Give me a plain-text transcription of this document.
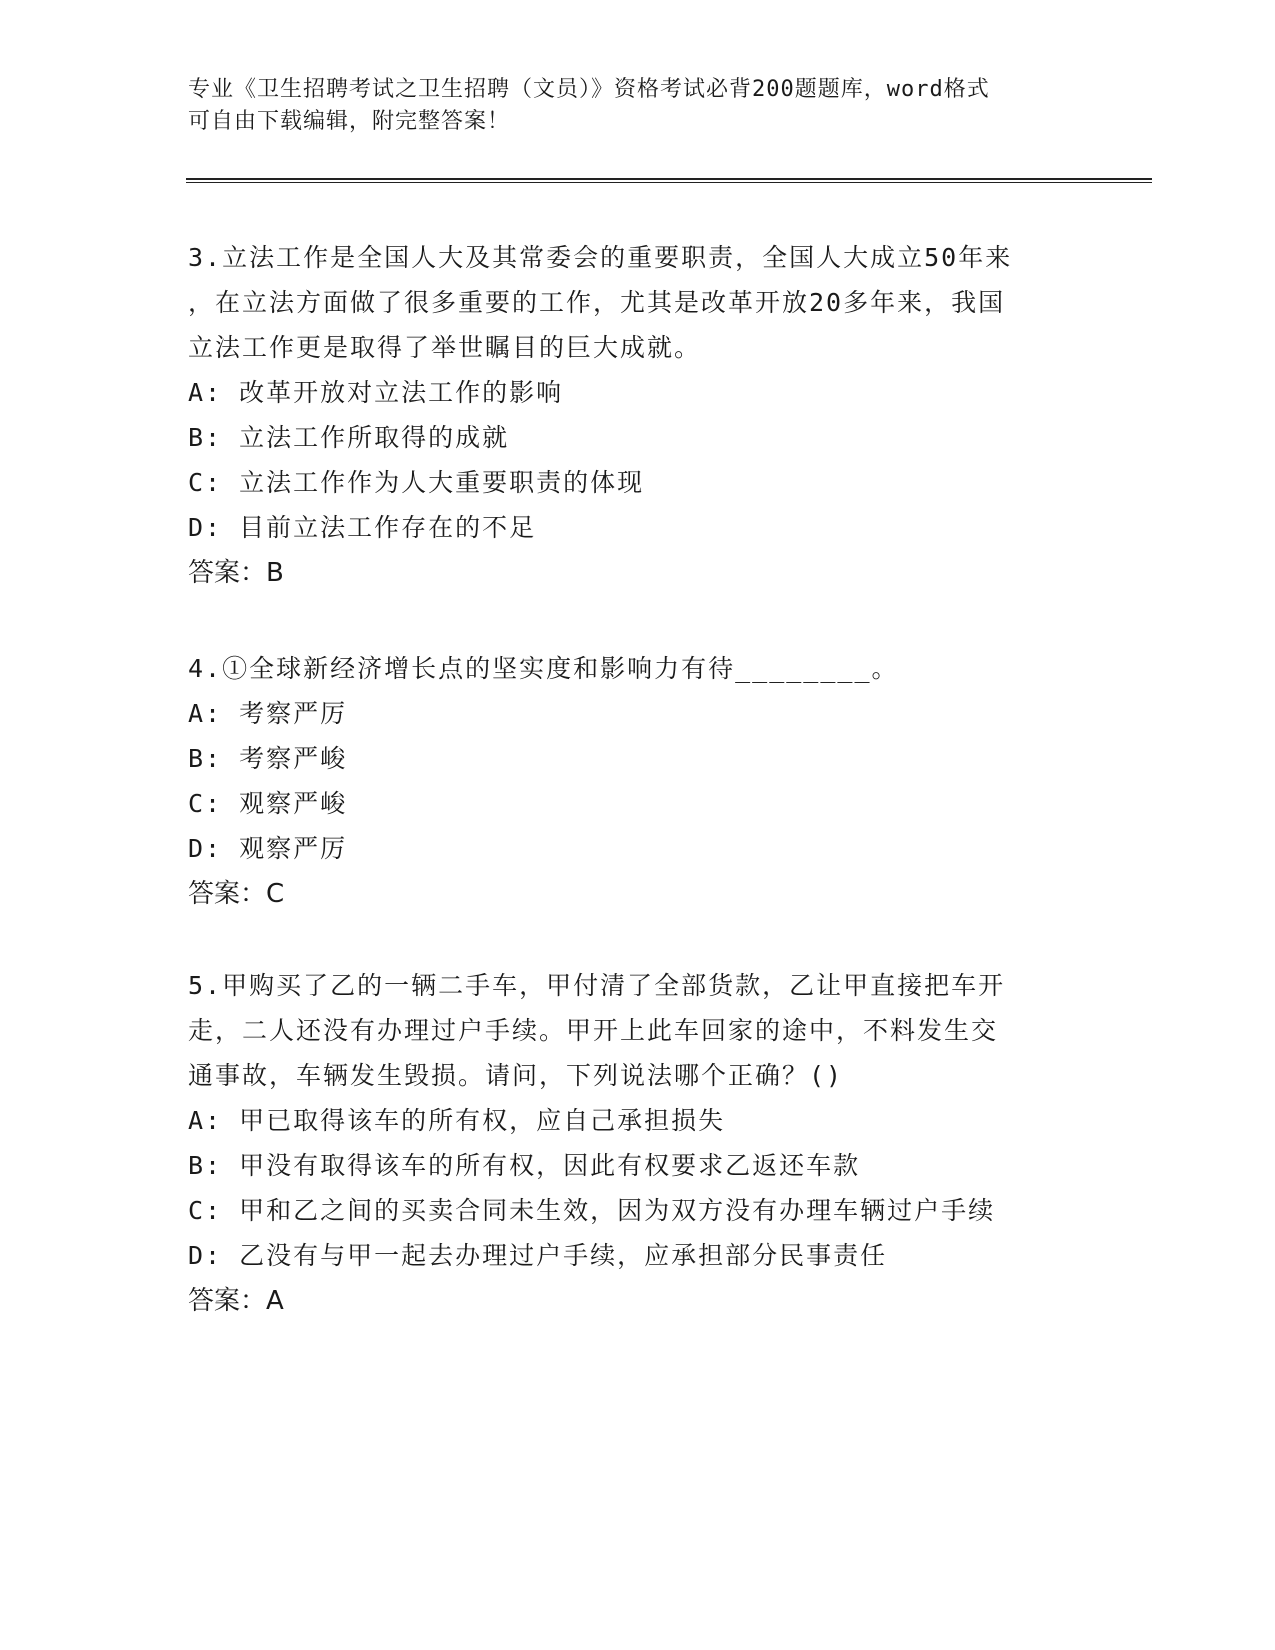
专业《卫生招聘考试之卫生招聘（文员）》资格考试必背200题题库，word格式
可自由下载编辑，附完整答案！

3.立法工作是全国人大及其常委会的重要职责，全国人大成立50年来

，在立法方面做了很多重要的工作，尤其是改革开放20多年来，我国

立法工作更是取得了举世瞩目的巨大成就。

A: 改革开放对立法工作的影响

B: 立法工作所取得的成就

C: 立法工作作为人大重要职责的体现

D: 目前立法工作存在的不足

答案：B

4.①全球新经济增长点的坚实度和影响力有待________。

A: 考察严厉

B: 考察严峻

C: 观察严峻

D: 观察严厉

答案：C

5.甲购买了乙的一辆二手车，甲付清了全部货款，乙让甲直接把车开

走，二人还没有办理过户手续。甲开上此车回家的途中，不料发生交

通事故，车辆发生毁损。请问，下列说法哪个正确？()

A: 甲已取得该车的所有权，应自己承担损失

B: 甲没有取得该车的所有权，因此有权要求乙返还车款

C: 甲和乙之间的买卖合同未生效，因为双方没有办理车辆过户手续

D: 乙没有与甲一起去办理过户手续，应承担部分民事责任

答案：A
